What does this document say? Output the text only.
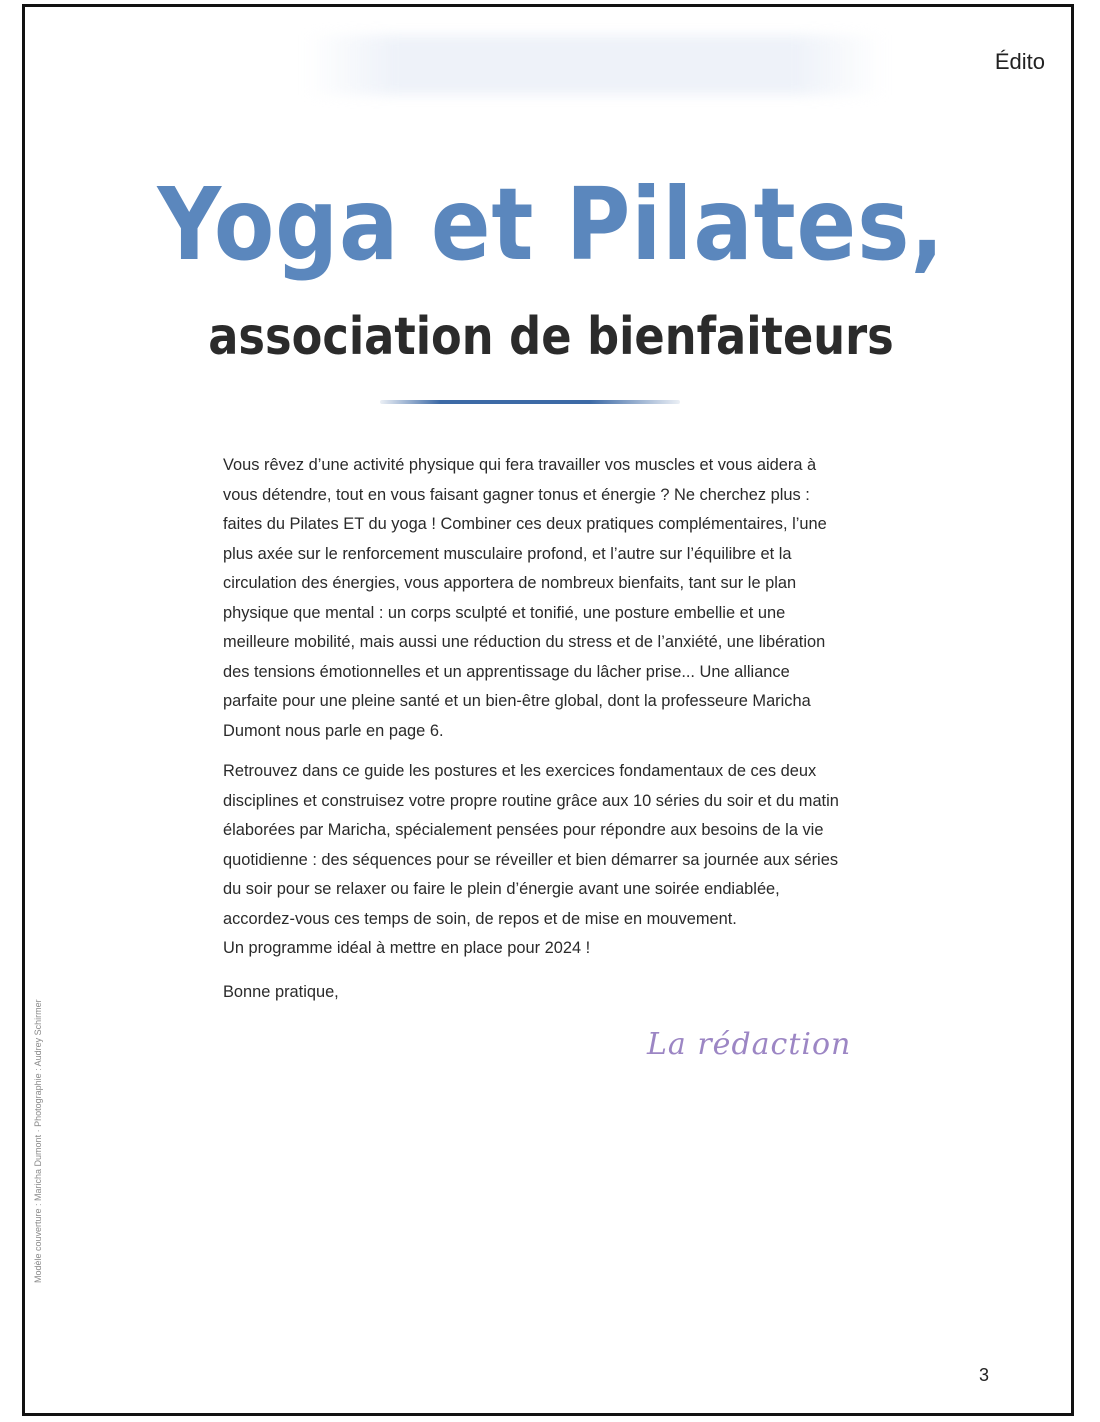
Édito
Yoga et Pilates,
association de bienfaiteurs

Vous rêvez d’une activité physique qui fera travailler vos muscles et vous aidera à vous détendre, tout en vous faisant gagner tonus et énergie ? Ne cherchez plus : faites du Pilates ET du yoga ! Combiner ces deux pratiques complémentaires, l’une plus axée sur le renforcement musculaire profond, et l’autre sur l’équilibre et la circulation des énergies, vous apportera de nombreux bienfaits, tant sur le plan physique que mental : un corps sculpté et tonifié, une posture embellie et une meilleure mobilité, mais aussi une réduction du stress et de l’anxiété, une libération des tensions émotionnelles et un apprentissage du lâcher prise... Une alliance parfaite pour une pleine santé et un bien-être global, dont la professeure Maricha Dumont nous parle en page 6.

Retrouvez dans ce guide les postures et les exercices fondamentaux de ces deux disciplines et construisez votre propre routine grâce aux 10 séries du soir et du matin élaborées par Maricha, spécialement pensées pour répondre aux besoins de la vie quotidienne : des séquences pour se réveiller et bien démarrer sa journée aux séries du soir pour se relaxer ou faire le plein d’énergie avant une soirée endiablée, accordez-vous ces temps de soin, de repos et de mise en mouvement.

Un programme idéal à mettre en place pour 2024 !

Bonne pratique,

La rédaction
Modèle couverture : Maricha Dumont · Photographie : Audrey Schirmer
3
